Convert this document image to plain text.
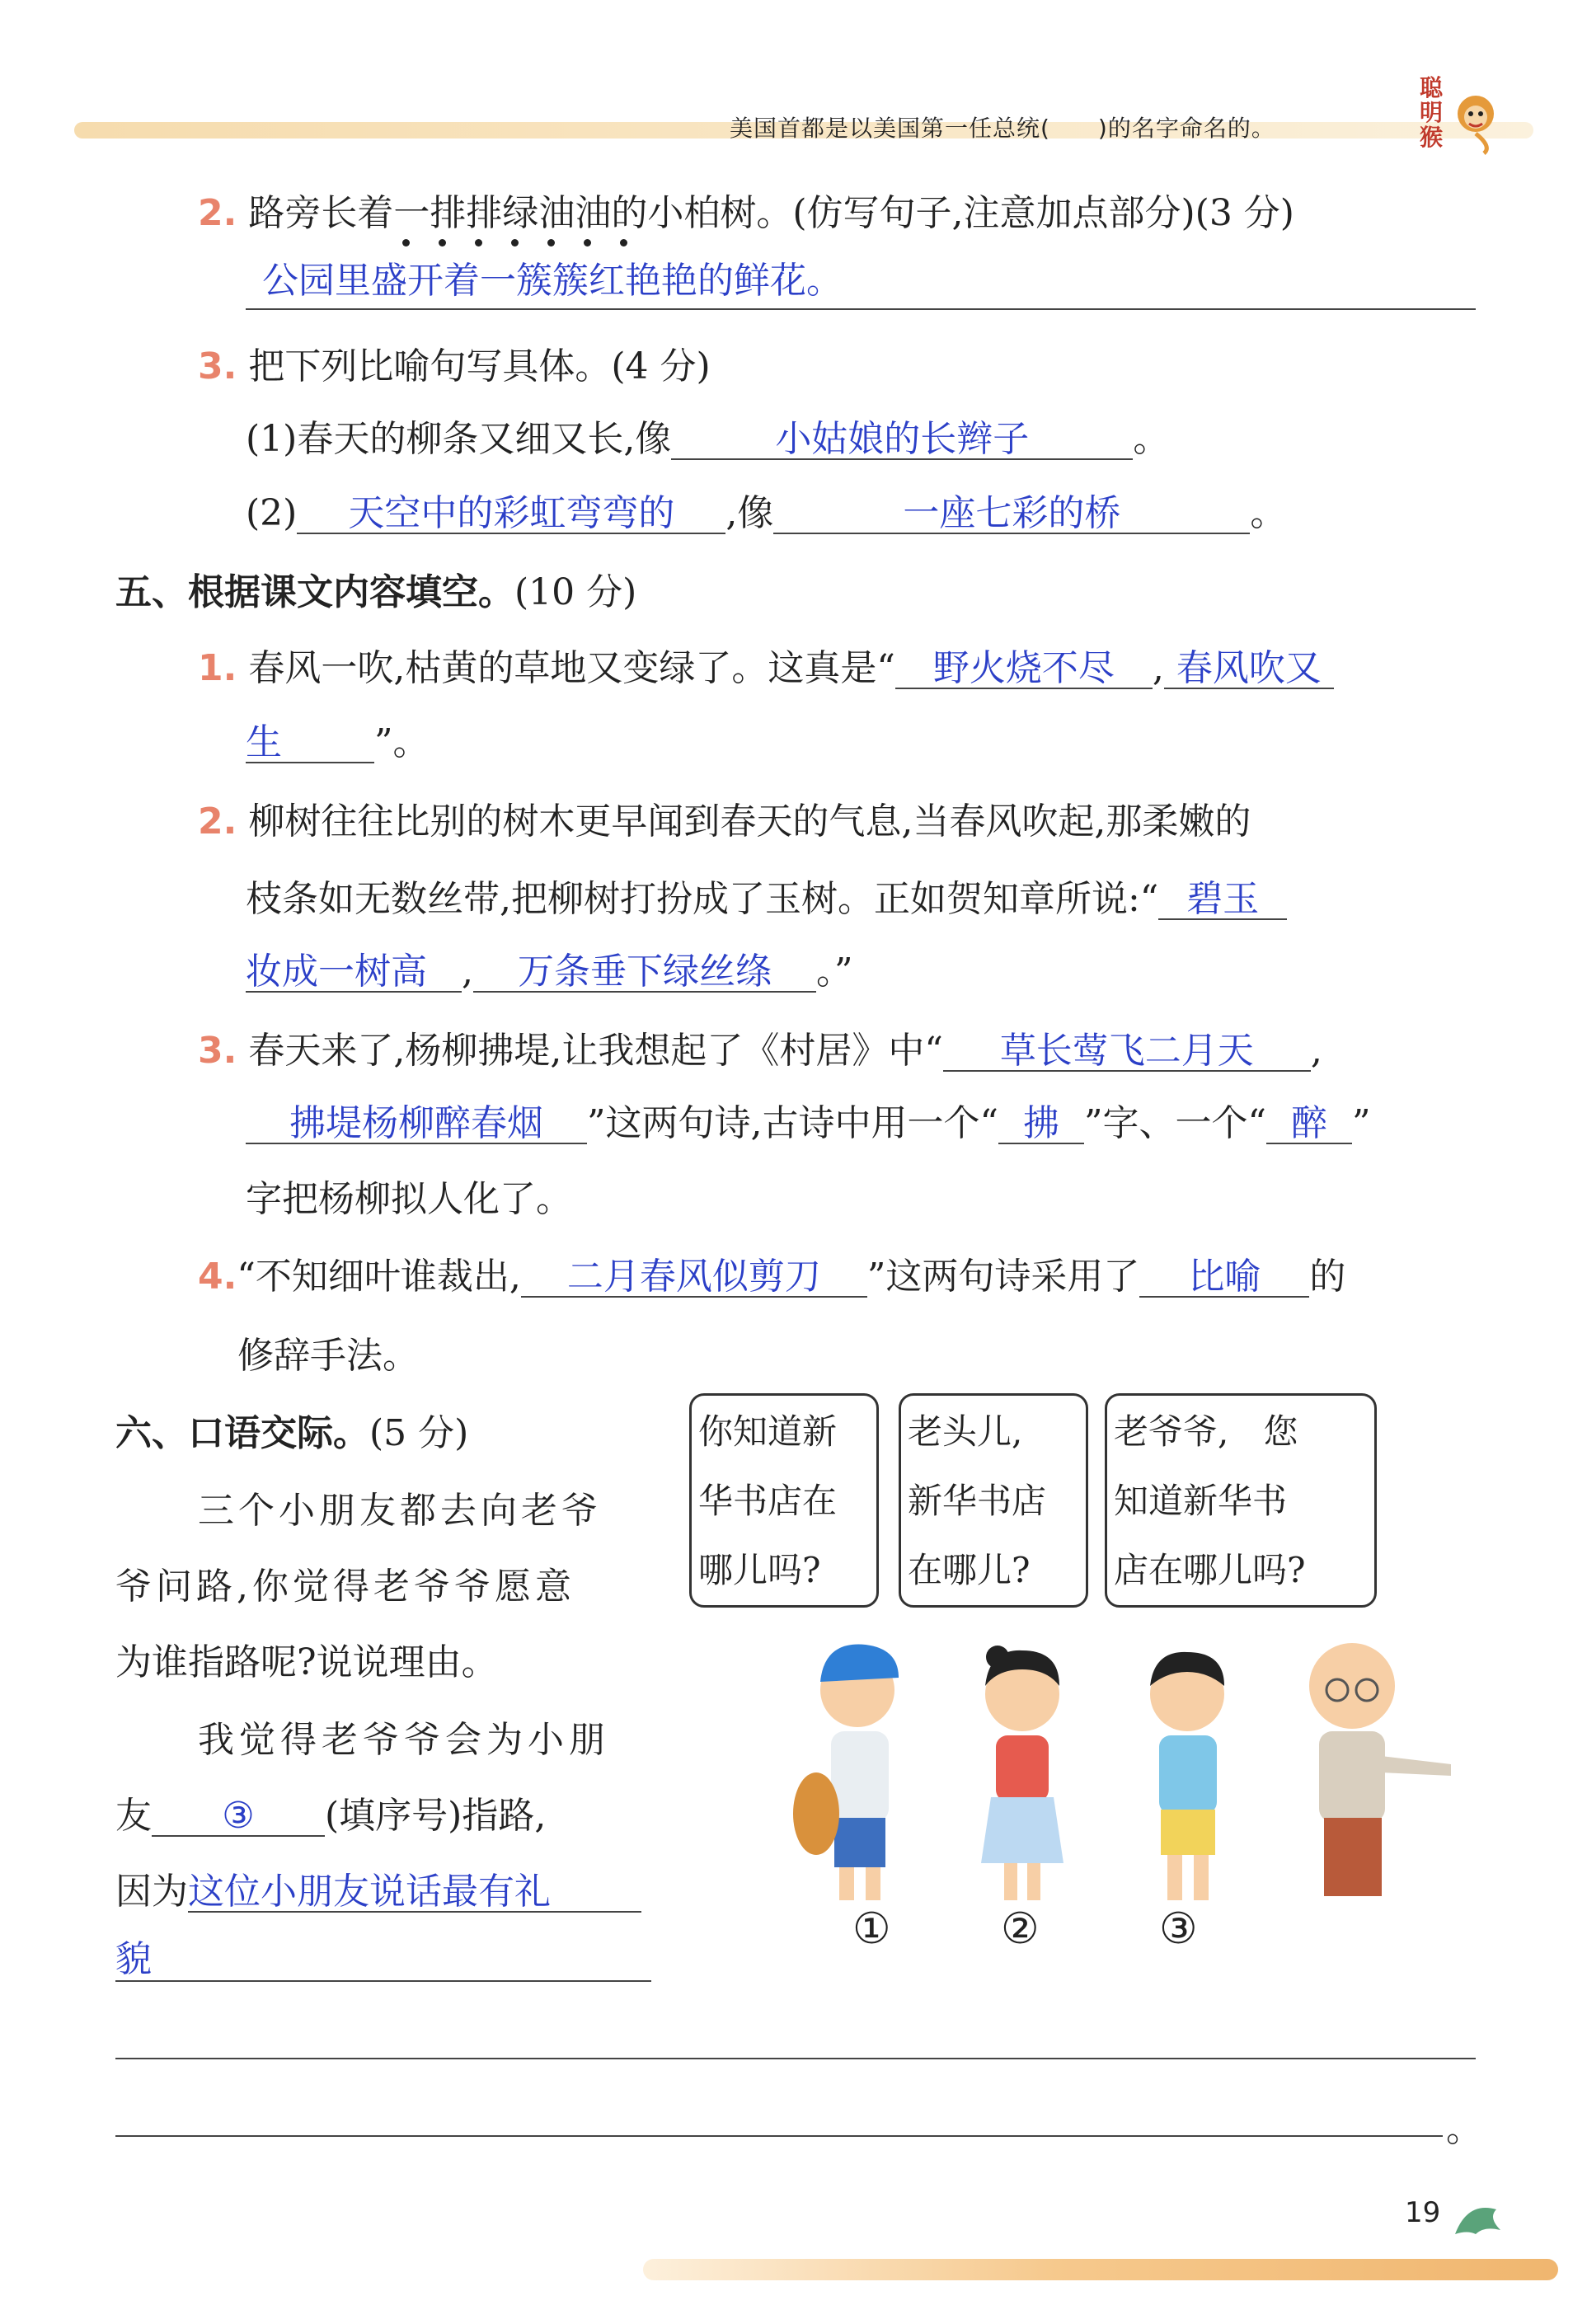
美国首都是以美国第一任总统(　　)的名字命名的。
聪明猴
2. 路旁长着一排排绿油油的小柏树。(仿写句子,注意加点部分)(3 分)
公园里盛开着一簇簇红艳艳的鲜花。
3. 把下列比喻句写具体。(4 分)
(1)春天的柳条又细又长,像	小姑娘的长辫子	。
(2) 天空中的彩虹弯弯的 ,像	一座七彩的桥	。
五、根据课文内容填空。(10 分)
1. 春风一吹,枯黄的草地又变绿了。这真是“ 野火烧不尽 , 春风吹又
生	”。
2. 柳树往往比别的树木更早闻到春天的气息,当春风吹起,那柔嫩的
枝条如无数丝带,把柳树打扮成了玉树。正如贺知章所说:“ 碧玉
妆成一树高 , 万条垂下绿丝绦 。”
3. 春天来了,杨柳拂堤,让我想起了《村居》中“ 草长莺飞二月天 ,
拂堤杨柳醉春烟 ”这两句诗,古诗中用一个“ 拂 ”字、一个“ 醉 ”
字把杨柳拟人化了。
4.“不知细叶谁裁出, 二月春风似剪刀 ”这两句诗采用了 比喻 的
修辞手法。
六、口语交际。(5 分)
三个小朋友都去向老爷
爷问路,你觉得老爷爷愿意
为谁指路呢?说说理由。
我觉得老爷爷会为小朋
友 ③ (填序号)指路,
因为这位小朋友说话最有礼
貌
。
你知道新
华书店在
哪儿吗?
老头儿,
新华书店
在哪儿?
老爷爷,　您
知道新华书
店在哪儿吗?
①	②	③
19
